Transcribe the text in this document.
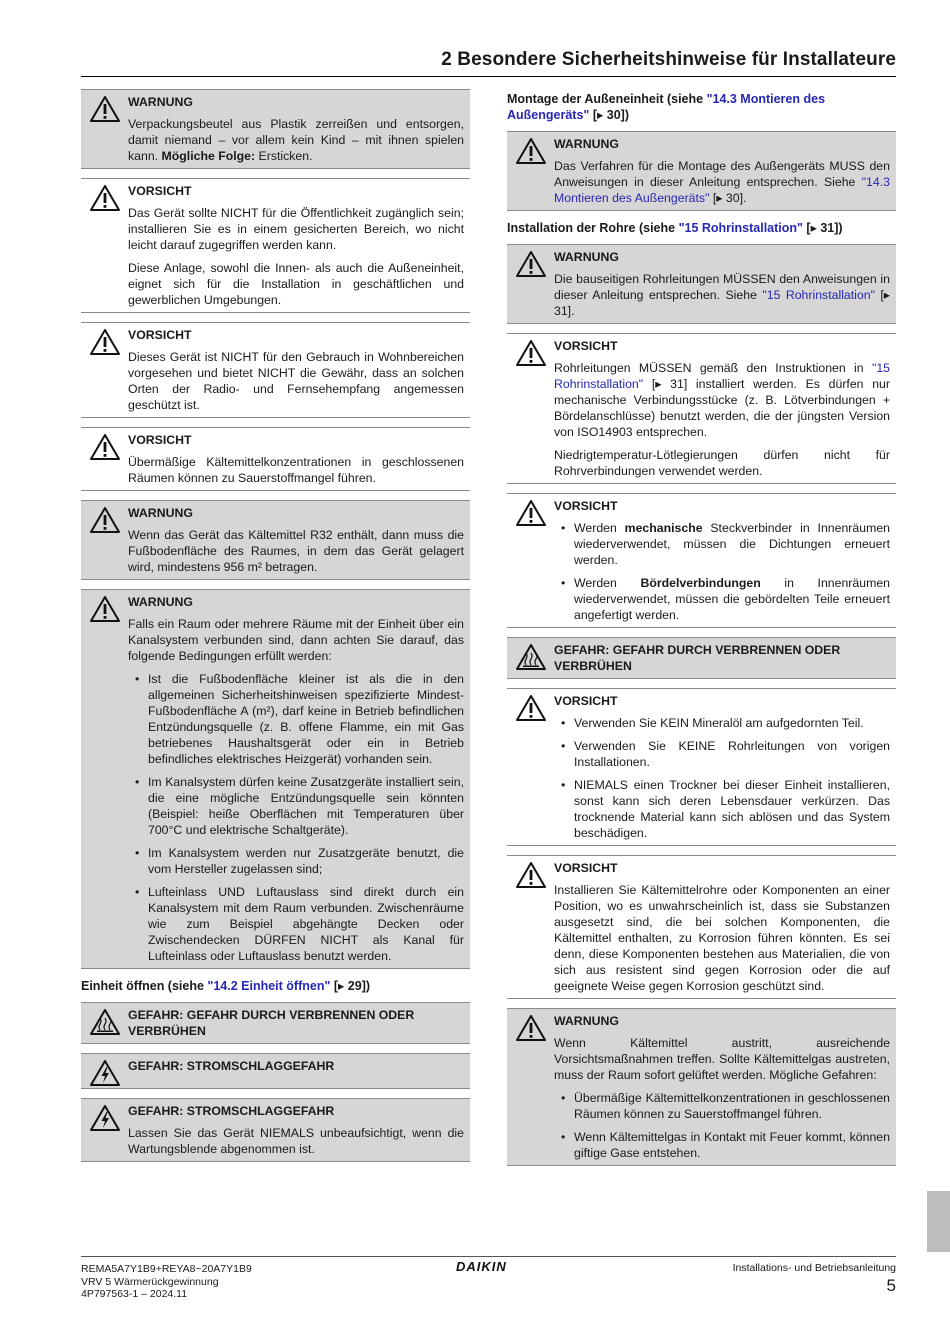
2 Besondere Sicherheitshinweise für Installateure
WARNUNG

Verpackungsbeutel aus Plastik zerreißen und entsorgen, damit niemand – vor allem kein Kind – mit ihnen spielen kann. Mögliche Folge: Ersticken.

VORSICHT

Das Gerät sollte NICHT für die Öffentlichkeit zugänglich sein; installieren Sie es in einem gesicherten Bereich, wo nicht leicht darauf zugegriffen werden kann.

Diese Anlage, sowohl die Innen- als auch die Außeneinheit, eignet sich für die Installation in geschäftlichen und gewerblichen Umgebungen.

VORSICHT

Dieses Gerät ist NICHT für den Gebrauch in Wohnbereichen vorgesehen und bietet NICHT die Gewähr, dass an solchen Orten der Radio- und Fernsehempfang angemessen geschützt ist.

VORSICHT

Übermäßige Kältemittelkonzentrationen in geschlossenen Räumen können zu Sauerstoffmangel führen.

WARNUNG

Wenn das Gerät das Kältemittel R32 enthält, dann muss die Fußbodenfläche des Raumes, in dem das Gerät gelagert wird, mindestens 956 m² betragen.

WARNUNG

Falls ein Raum oder mehrere Räume mit der Einheit über ein Kanalsystem verbunden sind, dann achten Sie darauf, das folgende Bedingungen erfüllt werden:

• Ist die Fußbodenfläche kleiner ist als die in den allgemeinen Sicherheitshinweisen spezifizierte Mindest-Fußbodenfläche A (m²), darf keine in Betrieb befindlichen Entzündungsquelle (z. B. offene Flamme, ein mit Gas betriebenes Haushaltsgerät oder ein in Betrieb befindliches elektrisches Heizgerät) vorhanden sein.
• Im Kanalsystem dürfen keine Zusatzgeräte installiert sein, die eine mögliche Entzündungsquelle sein könnten (Beispiel: heiße Oberflächen mit Temperaturen über 700°C und elektrische Schaltgeräte).
• Im Kanalsystem werden nur Zusatzgeräte benutzt, die vom Hersteller zugelassen sind;
• Lufteinlass UND Luftauslass sind direkt durch ein Kanalsystem mit dem Raum verbunden. Zwischenräume wie zum Beispiel abgehängte Decken oder Zwischendecken DÜRFEN NICHT als Kanal für Lufteinlass oder Luftauslass benutzt werden.
Einheit öffnen (siehe "14.2 Einheit öffnen" [▸ 29])
GEFAHR: GEFAHR DURCH VERBRENNEN ODER VERBRÜHEN
GEFAHR: STROMSCHLAGGEFAHR
GEFAHR: STROMSCHLAGGEFAHR

Lassen Sie das Gerät NIEMALS unbeaufsichtigt, wenn die Wartungsblende abgenommen ist.

Montage der Außeneinheit (siehe "14.3 Montieren des Außengeräts" [▸ 30])
WARNUNG

Das Verfahren für die Montage des Außengeräts MUSS den Anweisungen in dieser Anleitung entsprechen. Siehe "14.3 Montieren des Außengeräts" [▸ 30].

Installation der Rohre (siehe "15 Rohrinstallation" [▸ 31])
WARNUNG

Die bauseitigen Rohrleitungen MÜSSEN den Anweisungen in dieser Anleitung entsprechen. Siehe "15 Rohrinstallation" [▸ 31].

VORSICHT

Rohrleitungen MÜSSEN gemäß den Instruktionen in "15 Rohrinstallation" [▸ 31] installiert werden. Es dürfen nur mechanische Verbindungsstücke (z. B. Lötverbindungen + Bördelanschlüsse) benutzt werden, die der jüngsten Version von ISO14903 entsprechen.

Niedrigtemperatur-Lötlegierungen dürfen nicht für Rohrverbindungen verwendet werden.

VORSICHT
• Werden mechanische Steckverbinder in Innenräumen wiederverwendet, müssen die Dichtungen erneuert werden.
• Werden Bördelverbindungen in Innenräumen wiederverwendet, müssen die gebördelten Teile erneuert angefertigt werden.
GEFAHR: GEFAHR DURCH VERBRENNEN ODER VERBRÜHEN
VORSICHT
• Verwenden Sie KEIN Mineralöl am aufgedornten Teil.
• Verwenden Sie KEINE Rohrleitungen von vorigen Installationen.
• NIEMALS einen Trockner bei dieser Einheit installieren, sonst kann sich deren Lebensdauer verkürzen. Das trocknende Material kann sich ablösen und das System beschädigen.
VORSICHT

Installieren Sie Kältemittelrohre oder Komponenten an einer Position, wo es unwahrscheinlich ist, dass sie Substanzen ausgesetzt sind, die bei solchen Komponenten, die Kältemittel enthalten, zu Korrosion führen könnten. Es sei denn, diese Komponenten bestehen aus Materialien, die von sich aus resistent sind gegen Korrosion oder die auf geeignete Weise gegen Korrosion geschützt sind.

WARNUNG

Wenn Kältemittel austritt, ausreichende Vorsichtsmaßnahmen treffen. Sollte Kältemittelgas austreten, muss der Raum sofort gelüftet werden. Mögliche Gefahren:

• Übermäßige Kältemittelkonzentrationen in geschlossenen Räumen können zu Sauerstoffmangel führen.
• Wenn Kältemittelgas in Kontakt mit Feuer kommt, können giftige Gase entstehen.
REMA5A7Y1B9+REYA8~20A7Y1B9
VRV 5 Wärmerückgewinnung
4P797563-1 – 2024.11
DAIKIN	Installations- und Betriebsanleitung
5
